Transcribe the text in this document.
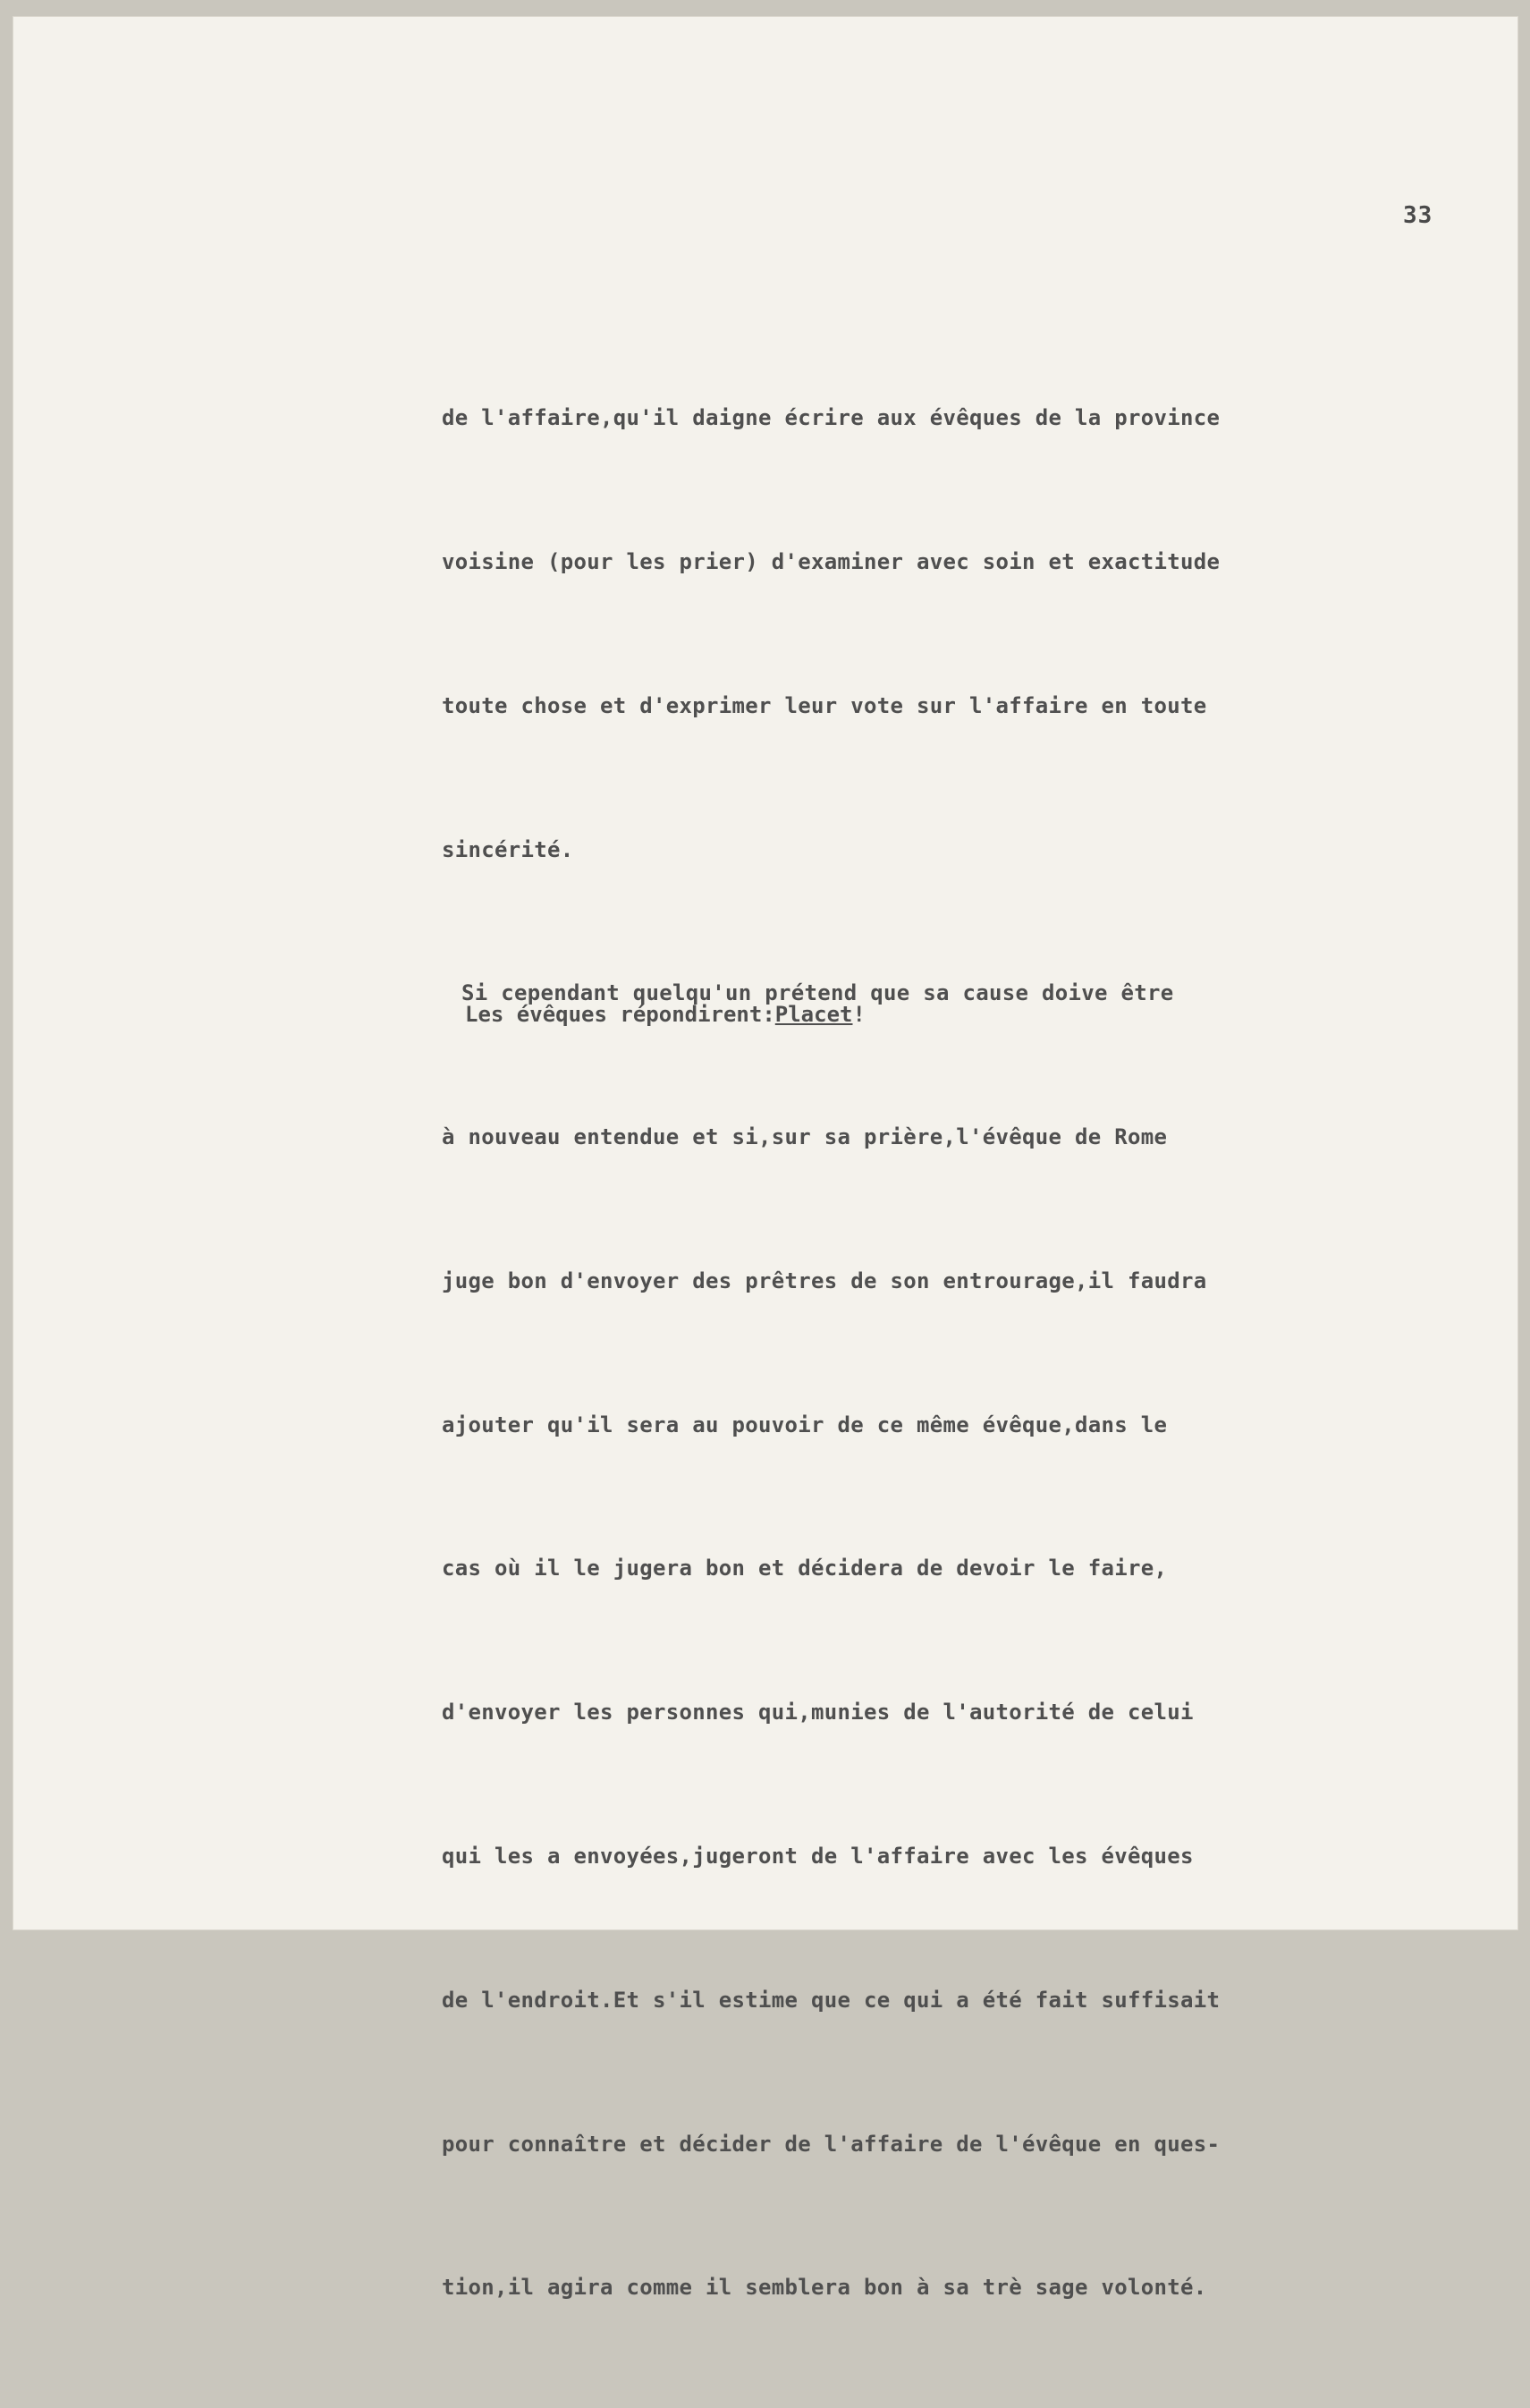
33

de l'affaire,qu'il daigne écrire aux évêques de la province

voisine (pour les prier) d'examiner avec soin et exactitude

toute chose et d'exprimer leur vote sur l'affaire en toute

sincérité.

Si cependant quelqu'un prétend que sa cause doive être

à nouveau entendue et si,sur sa prière,l'évêque de Rome

juge bon d'envoyer des prêtres de son entrourage,il faudra

ajouter qu'il sera au pouvoir de ce même évêque,dans le

cas où il le jugera bon et décidera de devoir le faire,

d'envoyer les personnes qui,munies de l'autorité de celui

qui les a envoyées,jugeront de l'affaire avec les évêques

de l'endroit.Et s'il estime que ce qui a été fait suffisait

pour connaître et décider de l'affaire de l'évêque en ques-

tion,il agira comme il semblera bon à sa trè sage volonté.

Les évêques répondirent:Placet!
